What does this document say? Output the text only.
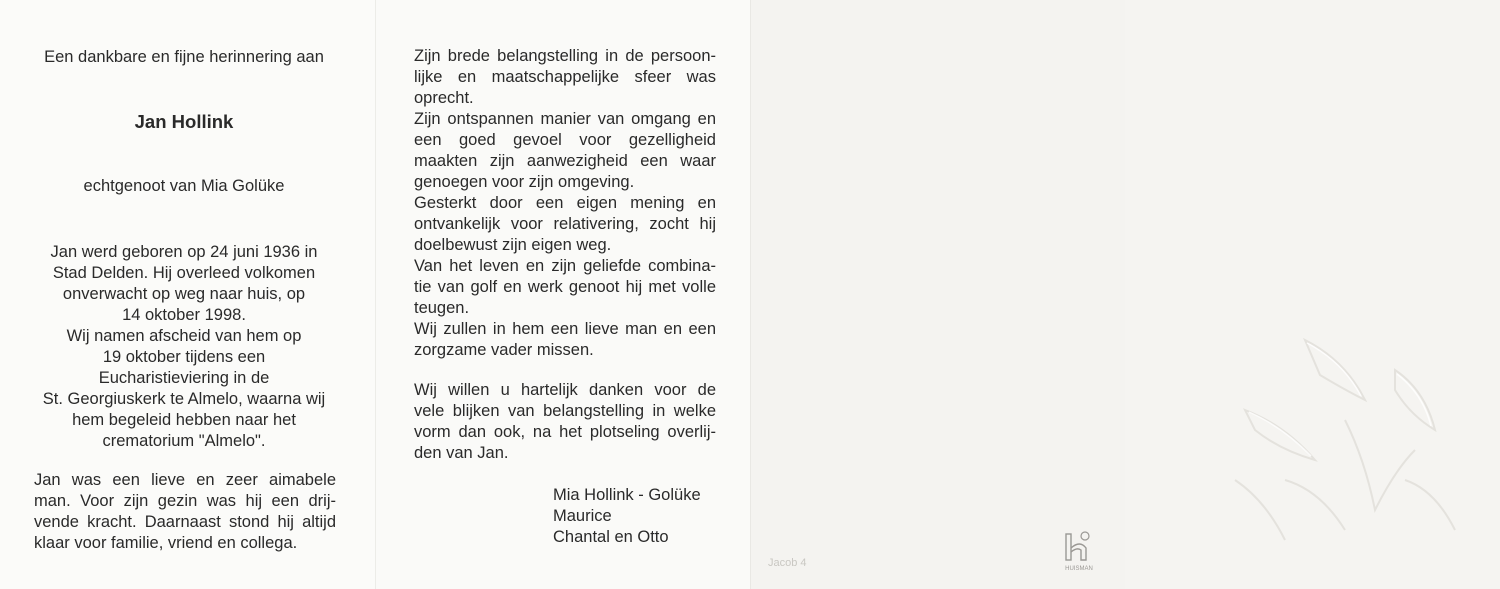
Een dankbare en fijne herinnering aan
Jan Hollink
echtgenoot van Mia Golüke
Jan werd geboren op 24 juni 1936 in
Stad Delden. Hij overleed volkomen
onverwacht op weg naar huis, op
14 oktober 1998.
Wij namen afscheid van hem op
19 oktober tijdens een
Eucharistieviering in de
St. Georgiuskerk te Almelo, waarna wij
hem begeleid hebben naar het
crematorium "Almelo".
Jan was een lieve en zeer aimabele
man. Voor zijn gezin was hij een drij-
vende kracht. Daarnaast stond hij altijd
klaar voor familie, vriend en collega.
Zijn brede belangstelling in de persoon-
lijke en maatschappelijke sfeer was
oprecht.
Zijn ontspannen manier van omgang en
een goed gevoel voor gezelligheid
maakten zijn aanwezigheid een waar
genoegen voor zijn omgeving.
Gesterkt door een eigen mening en
ontvankelijk voor relativering, zocht hij
doelbewust zijn eigen weg.
Van het leven en zijn geliefde combina-
tie van golf en werk genoot hij met volle
teugen.
Wij zullen in hem een lieve man en een
zorgzame vader missen.
Wij willen u hartelijk danken voor de
vele blijken van belangstelling in welke
vorm dan ook, na het plotseling overlij-
den van Jan.
Mia Hollink - Golüke
Maurice
Chantal en Otto
Jacob 4	HUISMAN
